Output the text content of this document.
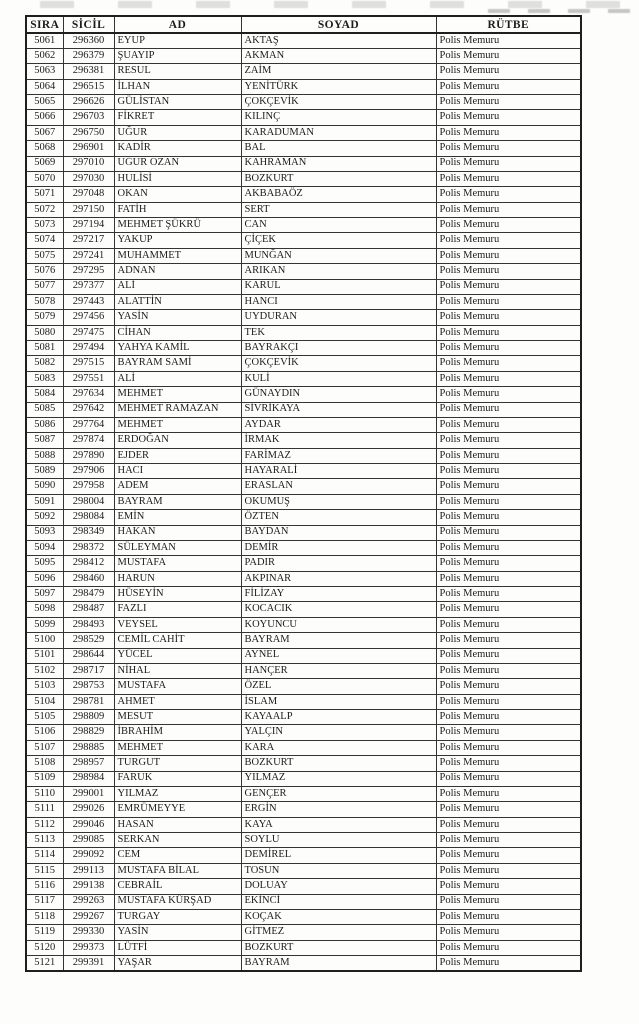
SIRA	SİCİL	AD	SOYAD	RÜTBE
5061	296360	EYUP	AKTAŞ	Polis Memuru
5062	296379	ŞUAYIP	AKMAN	Polis Memuru
5063	296381	RESUL	ZAİM	Polis Memuru
5064	296515	İLHAN	YENİTÜRK	Polis Memuru
5065	296626	GÜLİSTAN	ÇOKÇEVİK	Polis Memuru
5066	296703	FİKRET	KILINÇ	Polis Memuru
5067	296750	UĞUR	KARADUMAN	Polis Memuru
5068	296901	KADİR	BAL	Polis Memuru
5069	297010	UĞUR OZAN	KAHRAMAN	Polis Memuru
5070	297030	HULİSİ	BOZKURT	Polis Memuru
5071	297048	OKAN	AKBABAÖZ	Polis Memuru
5072	297150	FATİH	SERT	Polis Memuru
5073	297194	MEHMET ŞÜKRÜ	CAN	Polis Memuru
5074	297217	YAKUP	ÇİÇEK	Polis Memuru
5075	297241	MUHAMMET	MUNĞAN	Polis Memuru
5076	297295	ADNAN	ARIKAN	Polis Memuru
5077	297377	ALİ	KARUL	Polis Memuru
5078	297443	ALATTİN	HANCI	Polis Memuru
5079	297456	YASİN	UYDURAN	Polis Memuru
5080	297475	CİHAN	TEK	Polis Memuru
5081	297494	YAHYA KAMİL	BAYRAKÇI	Polis Memuru
5082	297515	BAYRAM SAMİ	ÇOKÇEVİK	Polis Memuru
5083	297551	ALİ	KULİ	Polis Memuru
5084	297634	MEHMET	GÜNAYDIN	Polis Memuru
5085	297642	MEHMET RAMAZAN	SİVRİKAYA	Polis Memuru
5086	297764	MEHMET	AYDAR	Polis Memuru
5087	297874	ERDOĞAN	İRMAK	Polis Memuru
5088	297890	EJDER	FARİMAZ	Polis Memuru
5089	297906	HACI	HAYARALİ	Polis Memuru
5090	297958	ADEM	ERASLAN	Polis Memuru
5091	298004	BAYRAM	OKUMUŞ	Polis Memuru
5092	298084	EMİN	ÖZTEN	Polis Memuru
5093	298349	HAKAN	BAYDAN	Polis Memuru
5094	298372	SÜLEYMAN	DEMİR	Polis Memuru
5095	298412	MUSTAFA	PADIR	Polis Memuru
5096	298460	HARUN	AKPINAR	Polis Memuru
5097	298479	HÜSEYİN	FİLİZAY	Polis Memuru
5098	298487	FAZLI	KOCACIK	Polis Memuru
5099	298493	VEYSEL	KOYUNCU	Polis Memuru
5100	298529	CEMİL CAHİT	BAYRAM	Polis Memuru
5101	298644	YÜCEL	AYNEL	Polis Memuru
5102	298717	NİHAL	HANÇER	Polis Memuru
5103	298753	MUSTAFA	ÖZEL	Polis Memuru
5104	298781	AHMET	İSLAM	Polis Memuru
5105	298809	MESUT	KAYAALP	Polis Memuru
5106	298829	İBRAHİM	YALÇIN	Polis Memuru
5107	298885	MEHMET	KARA	Polis Memuru
5108	298957	TURGUT	BOZKURT	Polis Memuru
5109	298984	FARUK	YILMAZ	Polis Memuru
5110	299001	YILMAZ	GENÇER	Polis Memuru
5111	299026	EMRÜMEYYE	ERGİN	Polis Memuru
5112	299046	HASAN	KAYA	Polis Memuru
5113	299085	SERKAN	SOYLU	Polis Memuru
5114	299092	CEM	DEMİREL	Polis Memuru
5115	299113	MUSTAFA BİLAL	TOSUN	Polis Memuru
5116	299138	CEBRAİL	DOLUAY	Polis Memuru
5117	299263	MUSTAFA KÜRŞAD	EKİNCİ	Polis Memuru
5118	299267	TURGAY	KOÇAK	Polis Memuru
5119	299330	YASİN	GİTMEZ	Polis Memuru
5120	299373	LÜTFİ	BOZKURT	Polis Memuru
5121	299391	YAŞAR	BAYRAM	Polis Memuru
